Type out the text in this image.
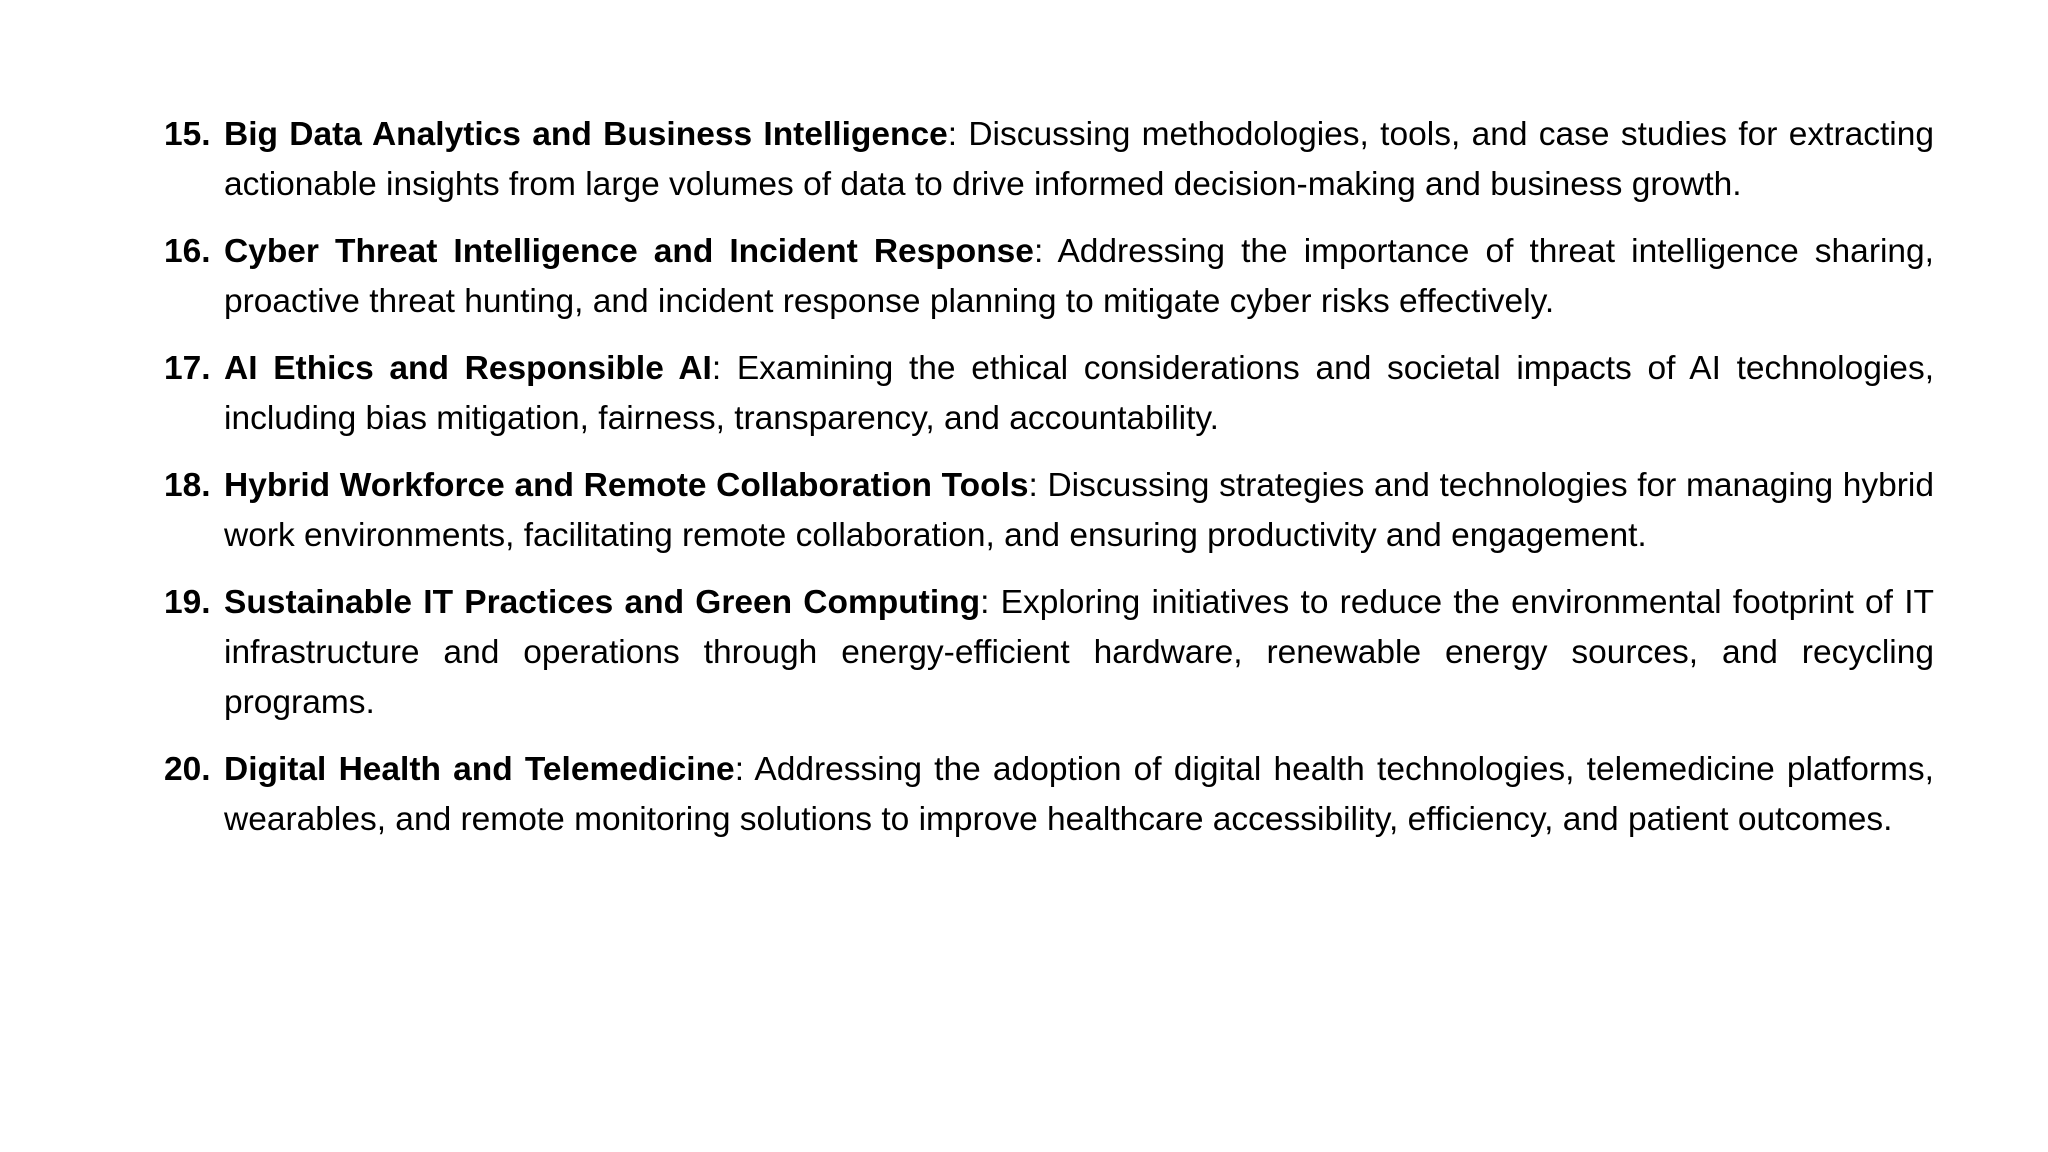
15. Big Data Analytics and Business Intelligence: Discussing methodologies, tools, and case studies for extracting actionable insights from large volumes of data to drive informed decision-making and business growth.
16. Cyber Threat Intelligence and Incident Response: Addressing the importance of threat intelligence sharing, proactive threat hunting, and incident response planning to mitigate cyber risks effectively.
17. AI Ethics and Responsible AI: Examining the ethical considerations and societal impacts of AI technologies, including bias mitigation, fairness, transparency, and accountability.
18. Hybrid Workforce and Remote Collaboration Tools: Discussing strategies and technologies for managing hybrid work environments, facilitating remote collaboration, and ensuring productivity and engagement.
19. Sustainable IT Practices and Green Computing: Exploring initiatives to reduce the environmental footprint of IT infrastructure and operations through energy-efficient hardware, renewable energy sources, and recycling programs.
20. Digital Health and Telemedicine: Addressing the adoption of digital health technologies, telemedicine platforms, wearables, and remote monitoring solutions to improve healthcare accessibility, efficiency, and patient outcomes.
